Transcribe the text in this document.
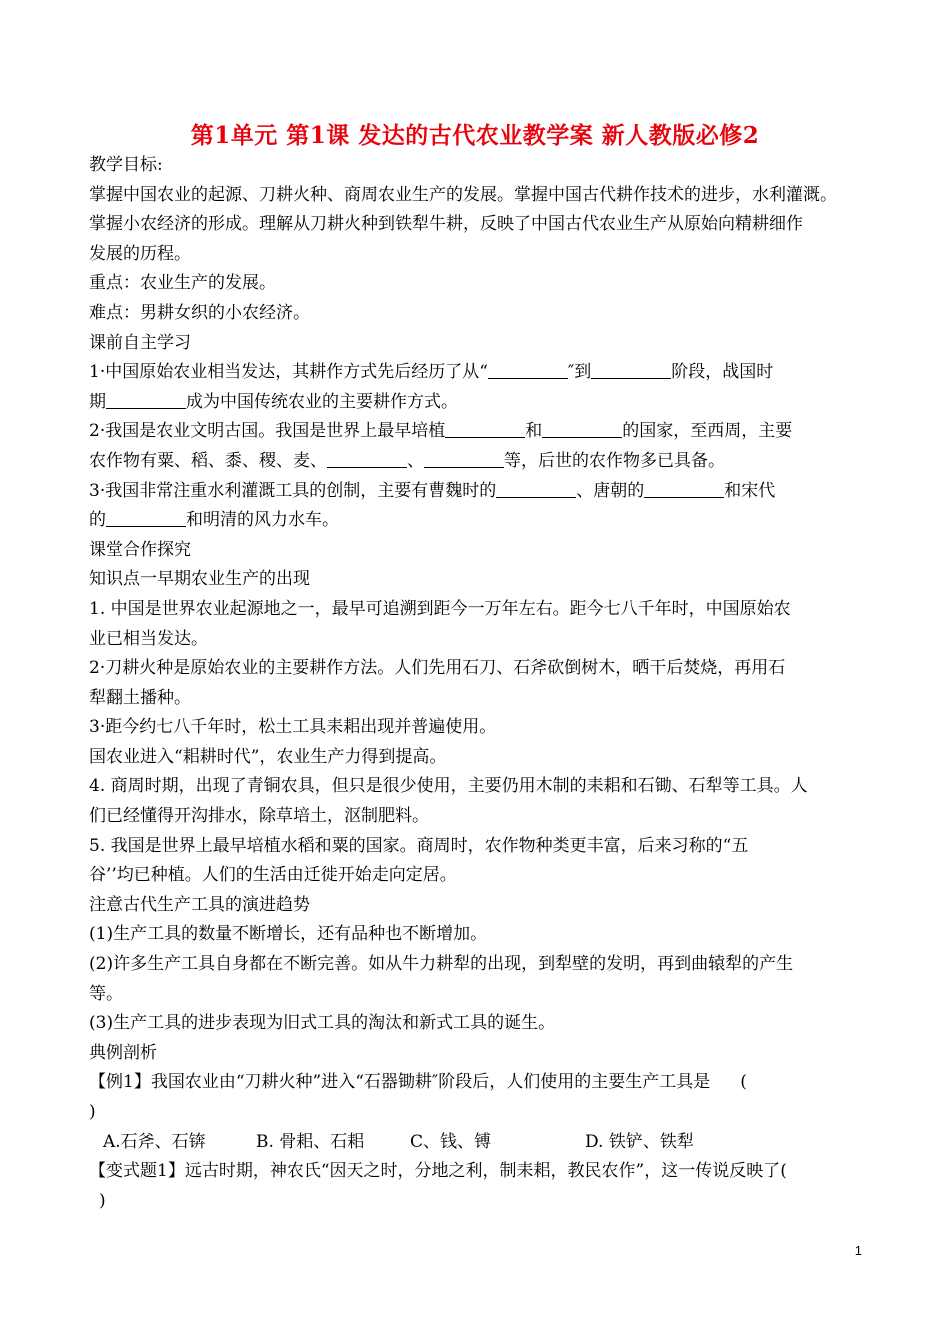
第1单元 第1课 发达的古代农业教学案 新人教版必修2
教学目标:
掌握中国农业的起源、刀耕火种、商周农业生产的发展。掌握中国古代耕作技术的进步，水利灌溉。
掌握小农经济的形成。理解从刀耕火种到铁犁牛耕，反映了中国古代农业生产从原始向精耕细作
发展的历程。
重点：农业生产的发展。
难点：男耕女织的小农经济。
课前自主学习
1·中国原始农业相当发达，其耕作方式先后经历了从“	″到	阶段，战国时
期	成为中国传统农业的主要耕作方式。
2·我国是农业文明古国。我国是世界上最早培植	和	的国家，至西周，主要
农作物有粟、稻、黍、稷、麦、	、	等，后世的农作物多已具备。
3·我国非常注重水利灌溉工具的创制，主要有曹魏时的	、唐朝的	和宋代
的	和明清的风力水车。
课堂合作探究
知识点一早期农业生产的出现
1. 中国是世界农业起源地之一，最早可追溯到距今一万年左右。距今七八千年时，中国原始农
业已相当发达。
2·刀耕火种是原始农业的主要耕作方法。人们先用石刀、石斧砍倒树木，晒干后焚烧，再用石
犁翻土播种。
3·距今约七八千年时，松土工具耒耜出现并普遍使用。
国农业进入“耜耕时代”，农业生产力得到提高。
4. 商周时期，出现了青铜农具，但只是很少使用，主要仍用木制的耒耜和石锄、石犁等工具。人
们已经懂得开沟排水，除草培土，沤制肥料。
5. 我国是世界上最早培植水稻和粟的国家。商周时，农作物种类更丰富，后来习称的“五
谷’’均已种植。人们的生活由迁徙开始走向定居。
注意古代生产工具的演进趋势
(1)生产工具的数量不断增长，还有品种也不断增加。
(2)许多生产工具自身都在不断完善。如从牛力耕犁的出现，到犁壁的发明，再到曲辕犁的产生
等。
(3)生产工具的进步表现为旧式工具的淘汰和新式工具的诞生。
典例剖析
【例1】我国农业由“刀耕火种”进入“石器锄耕″阶段后，人们使用的主要生产工具是 (
)
A.石斧、石锛	B. 骨耜、石耜	C、钱、镈	D. 铁铲、铁犁
【变式题1】远古时期，神农氏“因天之时，分地之利，制耒耜，教民农作”，这一传说反映了(
)
1
